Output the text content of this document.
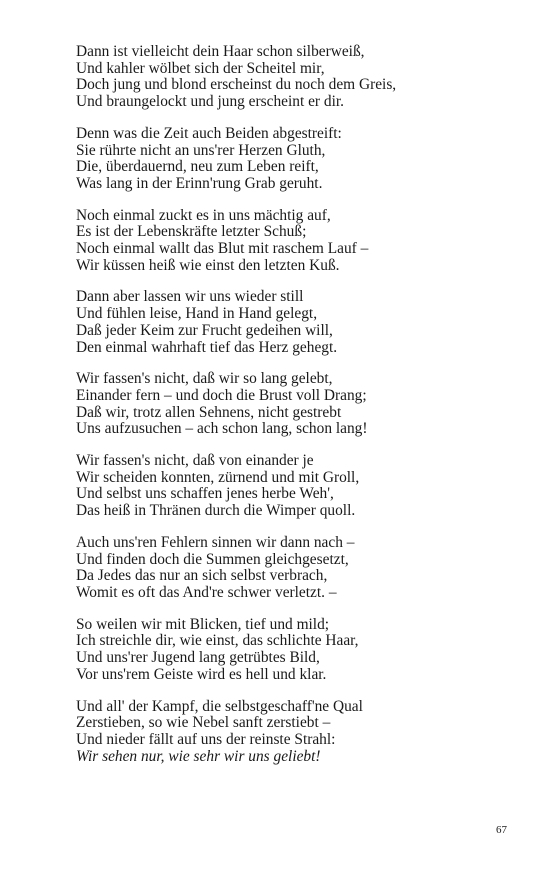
Dann ist vielleicht dein Haar schon silberweiß,
Und kahler wölbet sich der Scheitel mir,
Doch jung und blond erscheinst du noch dem Greis,
Und braungelockt und jung erscheint er dir.
Denn was die Zeit auch Beiden abgestreift:
Sie rührte nicht an uns'rer Herzen Gluth,
Die, überdauernd, neu zum Leben reift,
Was lang in der Erinn'rung Grab geruht.
Noch einmal zuckt es in uns mächtig auf,
Es ist der Lebenskräfte letzter Schuß;
Noch einmal wallt das Blut mit raschem Lauf –
Wir küssen heiß wie einst den letzten Kuß.
Dann aber lassen wir uns wieder still
Und fühlen leise, Hand in Hand gelegt,
Daß jeder Keim zur Frucht gedeihen will,
Den einmal wahrhaft tief das Herz gehegt.
Wir fassen's nicht, daß wir so lang gelebt,
Einander fern – und doch die Brust voll Drang;
Daß wir, trotz allen Sehnens, nicht gestrebt
Uns aufzusuchen – ach schon lang, schon lang!
Wir fassen's nicht, daß von einander je
Wir scheiden konnten, zürnend und mit Groll,
Und selbst uns schaffen jenes herbe Weh',
Das heiß in Thränen durch die Wimper quoll.
Auch uns'ren Fehlern sinnen wir dann nach –
Und finden doch die Summen gleichgesetzt,
Da Jedes das nur an sich selbst verbrach,
Womit es oft das And're schwer verletzt. –
So weilen wir mit Blicken, tief und mild;
Ich streichle dir, wie einst, das schlichte Haar,
Und uns'rer Jugend lang getrübtes Bild,
Vor uns'rem Geiste wird es hell und klar.
Und all' der Kampf, die selbstgeschaff'ne Qual
Zerstieben, so wie Nebel sanft zerstiebt –
Und nieder fällt auf uns der reinste Strahl:
Wir sehen nur, wie sehr wir uns geliebt!
67
